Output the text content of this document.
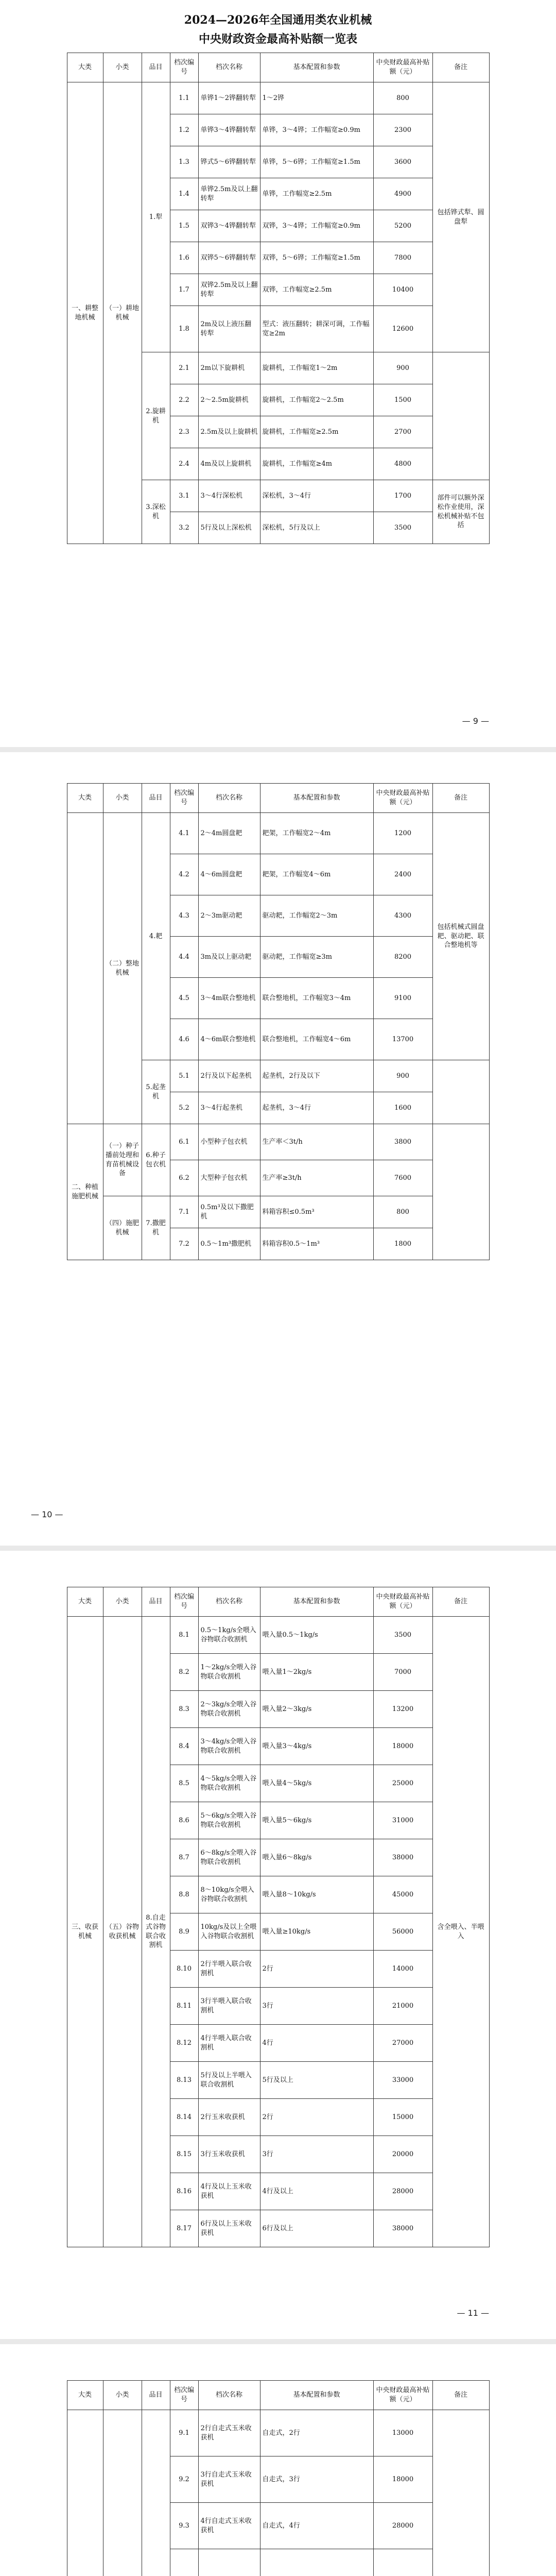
2024—2026年全国通用类农业机械
中央财政资金最高补贴额一览表
大类	小类	品目	档次编号	档次名称	基本配置和参数	中央财政最高补贴额（元）	备注
一、耕整地机械	（一）耕地机械	1.犁	1.1	单铧1～2铧翻转犁	1～2铧	800	包括铧式犁、圆盘犁
			1.2	单铧3～4铧翻转犁	单铧，3～4铧；工作幅宽≥0.9m	2300	
			1.3	铧式5～6铧翻转犁	单铧，5～6铧；工作幅宽≥1.5m	3600	
			1.4	单铧2.5m及以上翻转犁	单铧，工作幅宽≥2.5m	4900	
			1.5	双铧3～4铧翻转犁	双铧，3～4铧；工作幅宽≥0.9m	5200	
			1.6	双铧5～6铧翻转犁	双铧，5～6铧；工作幅宽≥1.5m	7800	
			1.7	双铧2.5m及以上翻转犁	双铧，工作幅宽≥2.5m	10400	
			1.8	2m及以上液压翻转犁	型式：液压翻转；耕深可调，工作幅宽≥2m	12600	
		2.旋耕机	2.1	2m以下旋耕机	旋耕机，工作幅宽1～2m	900	
			2.2	2～2.5m旋耕机	旋耕机，工作幅宽2～2.5m	1500	
			2.3	2.5m及以上旋耕机	旋耕机，工作幅宽≥2.5m	2700	
			2.4	4m及以上旋耕机	旋耕机，工作幅宽≥4m	4800	
		3.深松机	3.1	3～4行深松机	深松机，3～4行	1700	部件可以额外深松作业使用，深松机械补贴不包括
			3.2	5行及以上深松机	深松机，5行及以上	3500	
— 9 —
大类	小类	品目	档次编号	档次名称	基本配置和参数	中央财政最高补贴额（元）	备注
	（二）整地机械	4.耙	4.1	2～4m圆盘耙	耙架，工作幅宽2～4m	1200	包括机械式圆盘耙、驱动耙、联合整地机等
			4.2	4～6m圆盘耙	耙架，工作幅宽4～6m	2400	
			4.3	2～3m驱动耙	驱动耙，工作幅宽2～3m	4300	
			4.4	3m及以上驱动耙	驱动耙，工作幅宽≥3m	8200	
			4.5	3～4m联合整地机	联合整地机，工作幅宽3～4m	9100	
			4.6	4～6m联合整地机	联合整地机，工作幅宽4～6m	13700	
		5.起垄机	5.1	2行及以下起垄机	起垄机，2行及以下	900	
			5.2	3～4行起垄机	起垄机，3～4行	1600	
二、种植施肥机械	（一）种子播前处理和育苗机械设备	6.种子包衣机	6.1	小型种子包衣机	生产率＜3t/h	3800	
			6.2	大型种子包衣机	生产率≥3t/h	7600	
	（四）施肥机械	7.撒肥机	7.1	0.5m³及以下撒肥机	料箱容积≤0.5m³	800	
			7.2	0.5～1m³撒肥机	料箱容积0.5～1m³	1800	
— 10 —
大类	小类	品目	档次编号	档次名称	基本配置和参数	中央财政最高补贴额（元）	备注
三、收获机械	（五）谷物收获机械	8.自走式谷物联合收割机	8.1	0.5～1kg/s全喂入谷物联合收割机	喂入量0.5～1kg/s	3500	含全喂入、半喂入
			8.2	1～2kg/s全喂入谷物联合收割机	喂入量1～2kg/s	7000	
			8.3	2～3kg/s全喂入谷物联合收割机	喂入量2～3kg/s	13200	
			8.4	3～4kg/s全喂入谷物联合收割机	喂入量3～4kg/s	18000	
			8.5	4～5kg/s全喂入谷物联合收割机	喂入量4～5kg/s	25000	
			8.6	5～6kg/s全喂入谷物联合收割机	喂入量5～6kg/s	31000	
			8.7	6～8kg/s全喂入谷物联合收割机	喂入量6～8kg/s	38000	
			8.8	8～10kg/s全喂入谷物联合收割机	喂入量8～10kg/s	45000	
			8.9	10kg/s及以上全喂入谷物联合收割机	喂入量≥10kg/s	56000	
			8.10	2行半喂入联合收割机	2行	14000	
			8.11	3行半喂入联合收割机	3行	21000	
			8.12	4行半喂入联合收割机	4行	27000	
			8.13	5行及以上半喂入联合收割机	5行及以上	33000	
			8.14	2行玉米收获机	2行	15000	
			8.15	3行玉米收获机	3行	20000	
			8.16	4行及以上玉米收获机	4行及以上	28000	
			8.17	6行及以上玉米收获机	6行及以上	38000	
— 11 —
大类	小类	品目	档次编号	档次名称	基本配置和参数	中央财政最高补贴额（元）	备注
			9.1	2行自走式玉米收获机	自走式，2行	13000	
			9.2	3行自走式玉米收获机	自走式，3行	18000	
			9.3	4行自走式玉米收获机	自走式，4行	28000	
